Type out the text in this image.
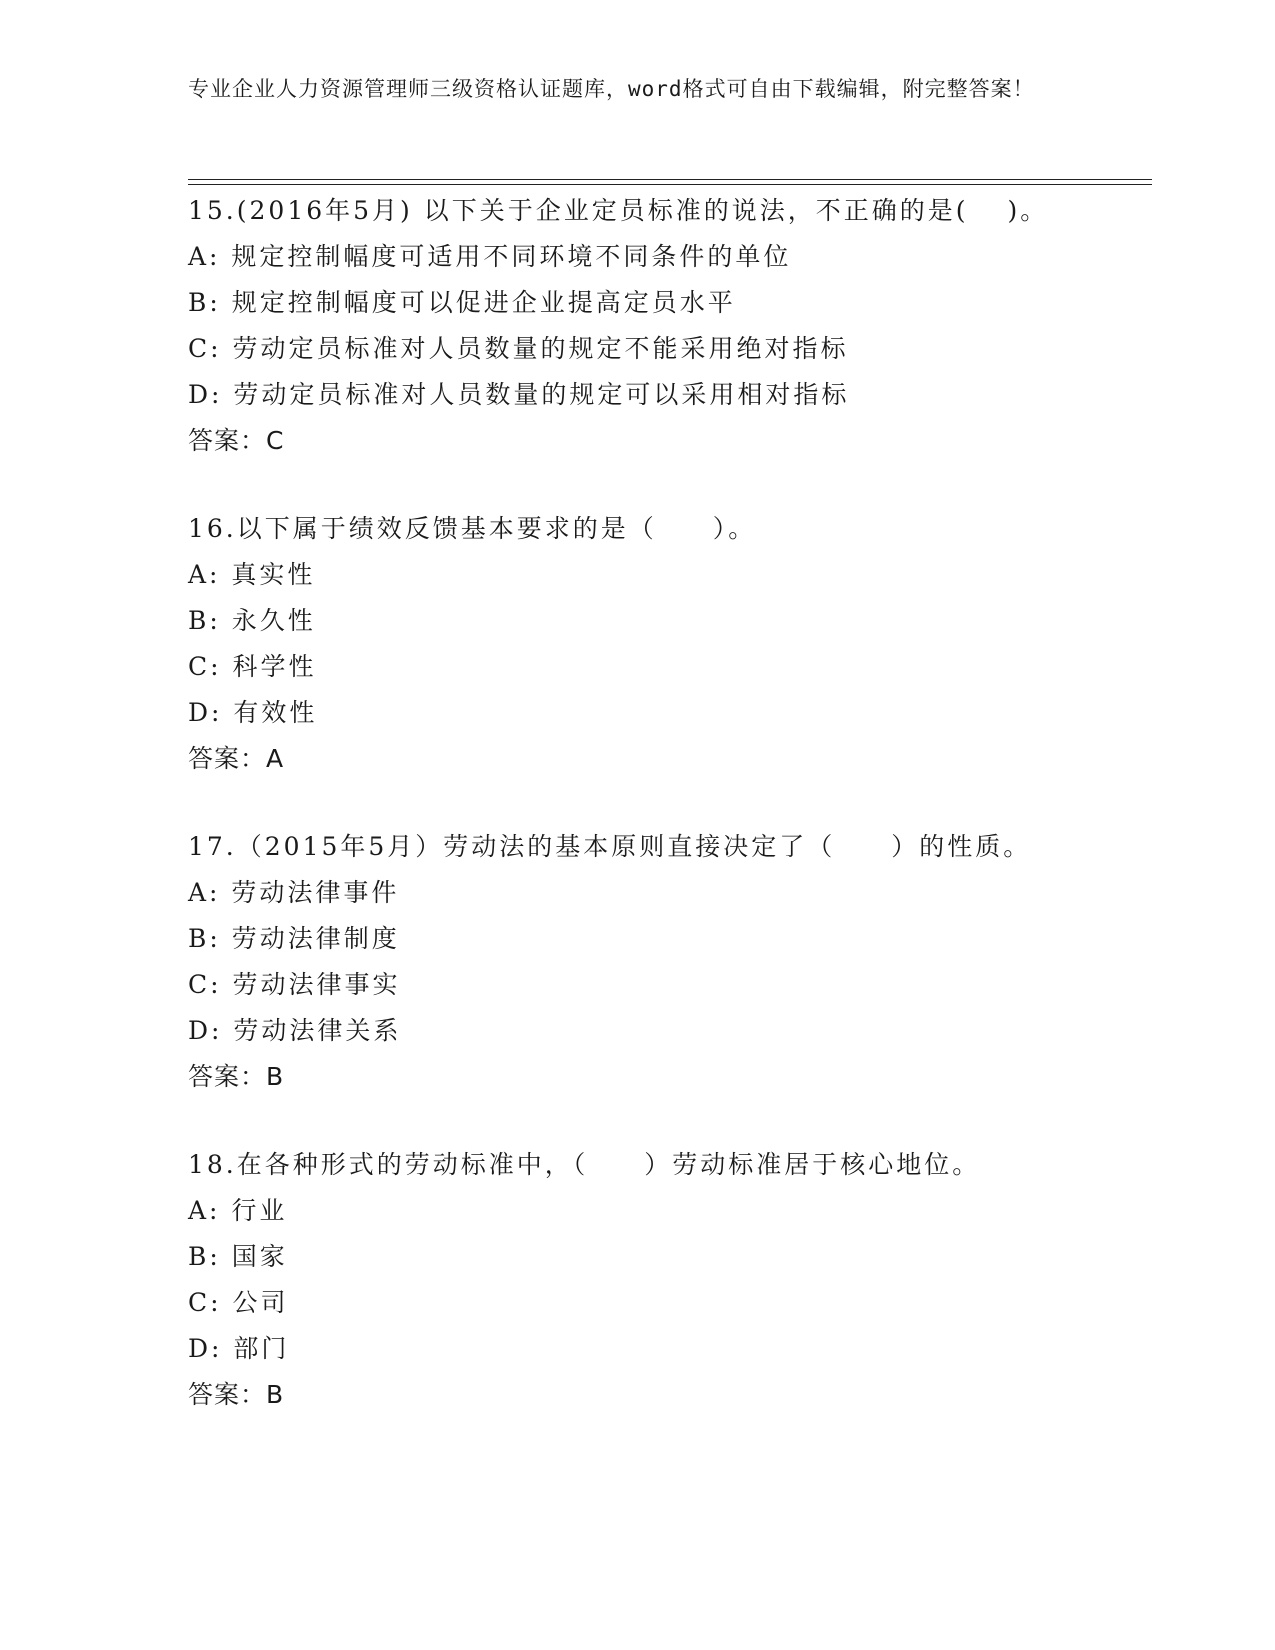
专业企业人力资源管理师三级资格认证题库，word格式可自由下载编辑，附完整答案！
15.(2016年5月) 以下关于企业定员标准的说法，不正确的是(　 )。
A: 规定控制幅度可适用不同环境不同条件的单位
B: 规定控制幅度可以促进企业提高定员水平
C: 劳动定员标准对人员数量的规定不能采用绝对指标
D: 劳动定员标准对人员数量的规定可以采用相对指标
答案：C
16.以下属于绩效反馈基本要求的是（　　）。
A: 真实性
B: 永久性
C: 科学性
D: 有效性
答案：A
17.（2015年5月）劳动法的基本原则直接决定了（　　）的性质。
A: 劳动法律事件
B: 劳动法律制度
C: 劳动法律事实
D: 劳动法律关系
答案：B
18.在各种形式的劳动标准中，（　　）劳动标准居于核心地位。
A: 行业
B: 国家
C: 公司
D: 部门
答案：B
